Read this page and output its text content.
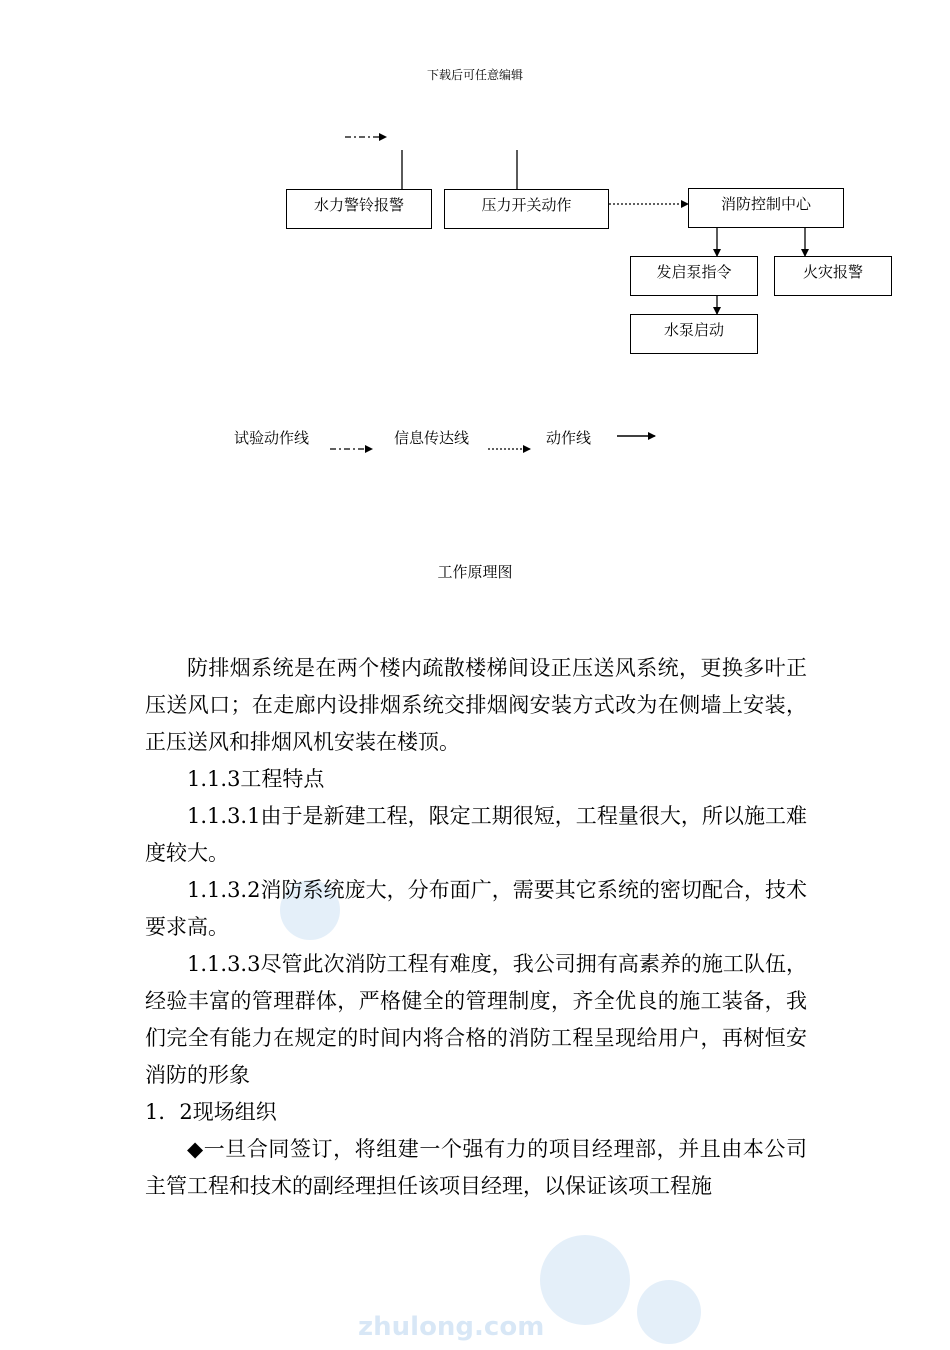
下载后可任意编辑
水力警铃报警	压力开关动作	消防控制中心
发启泵指令	火灾报警
水泵启动
试验动作线	信息传达线	动作线
工作原理图
zhulong.com

防排烟系统是在两个楼内疏散楼梯间设正压送风系统，更换多叶正压送风口；在走廊内设排烟系统交排烟阀安装方式改为在侧墙上安装，正压送风和排烟风机安装在楼顶。

1.1.3工程特点

1.1.3.1由于是新建工程，限定工期很短，工程量很大，所以施工难度较大。

1.1.3.2消防系统庞大，分布面广，需要其它系统的密切配合，技术要求高。

1.1.3.3尽管此次消防工程有难度，我公司拥有高素养的施工队伍，经验丰富的管理群体，严格健全的管理制度，齐全优良的施工装备，我们完全有能力在规定的时间内将合格的消防工程呈现给用户，再树恒安消防的形象

1．2现场组织

◆一旦合同签订，将组建一个强有力的项目经理部，并且由本公司主管工程和技术的副经理担任该项目经理，以保证该项工程施
